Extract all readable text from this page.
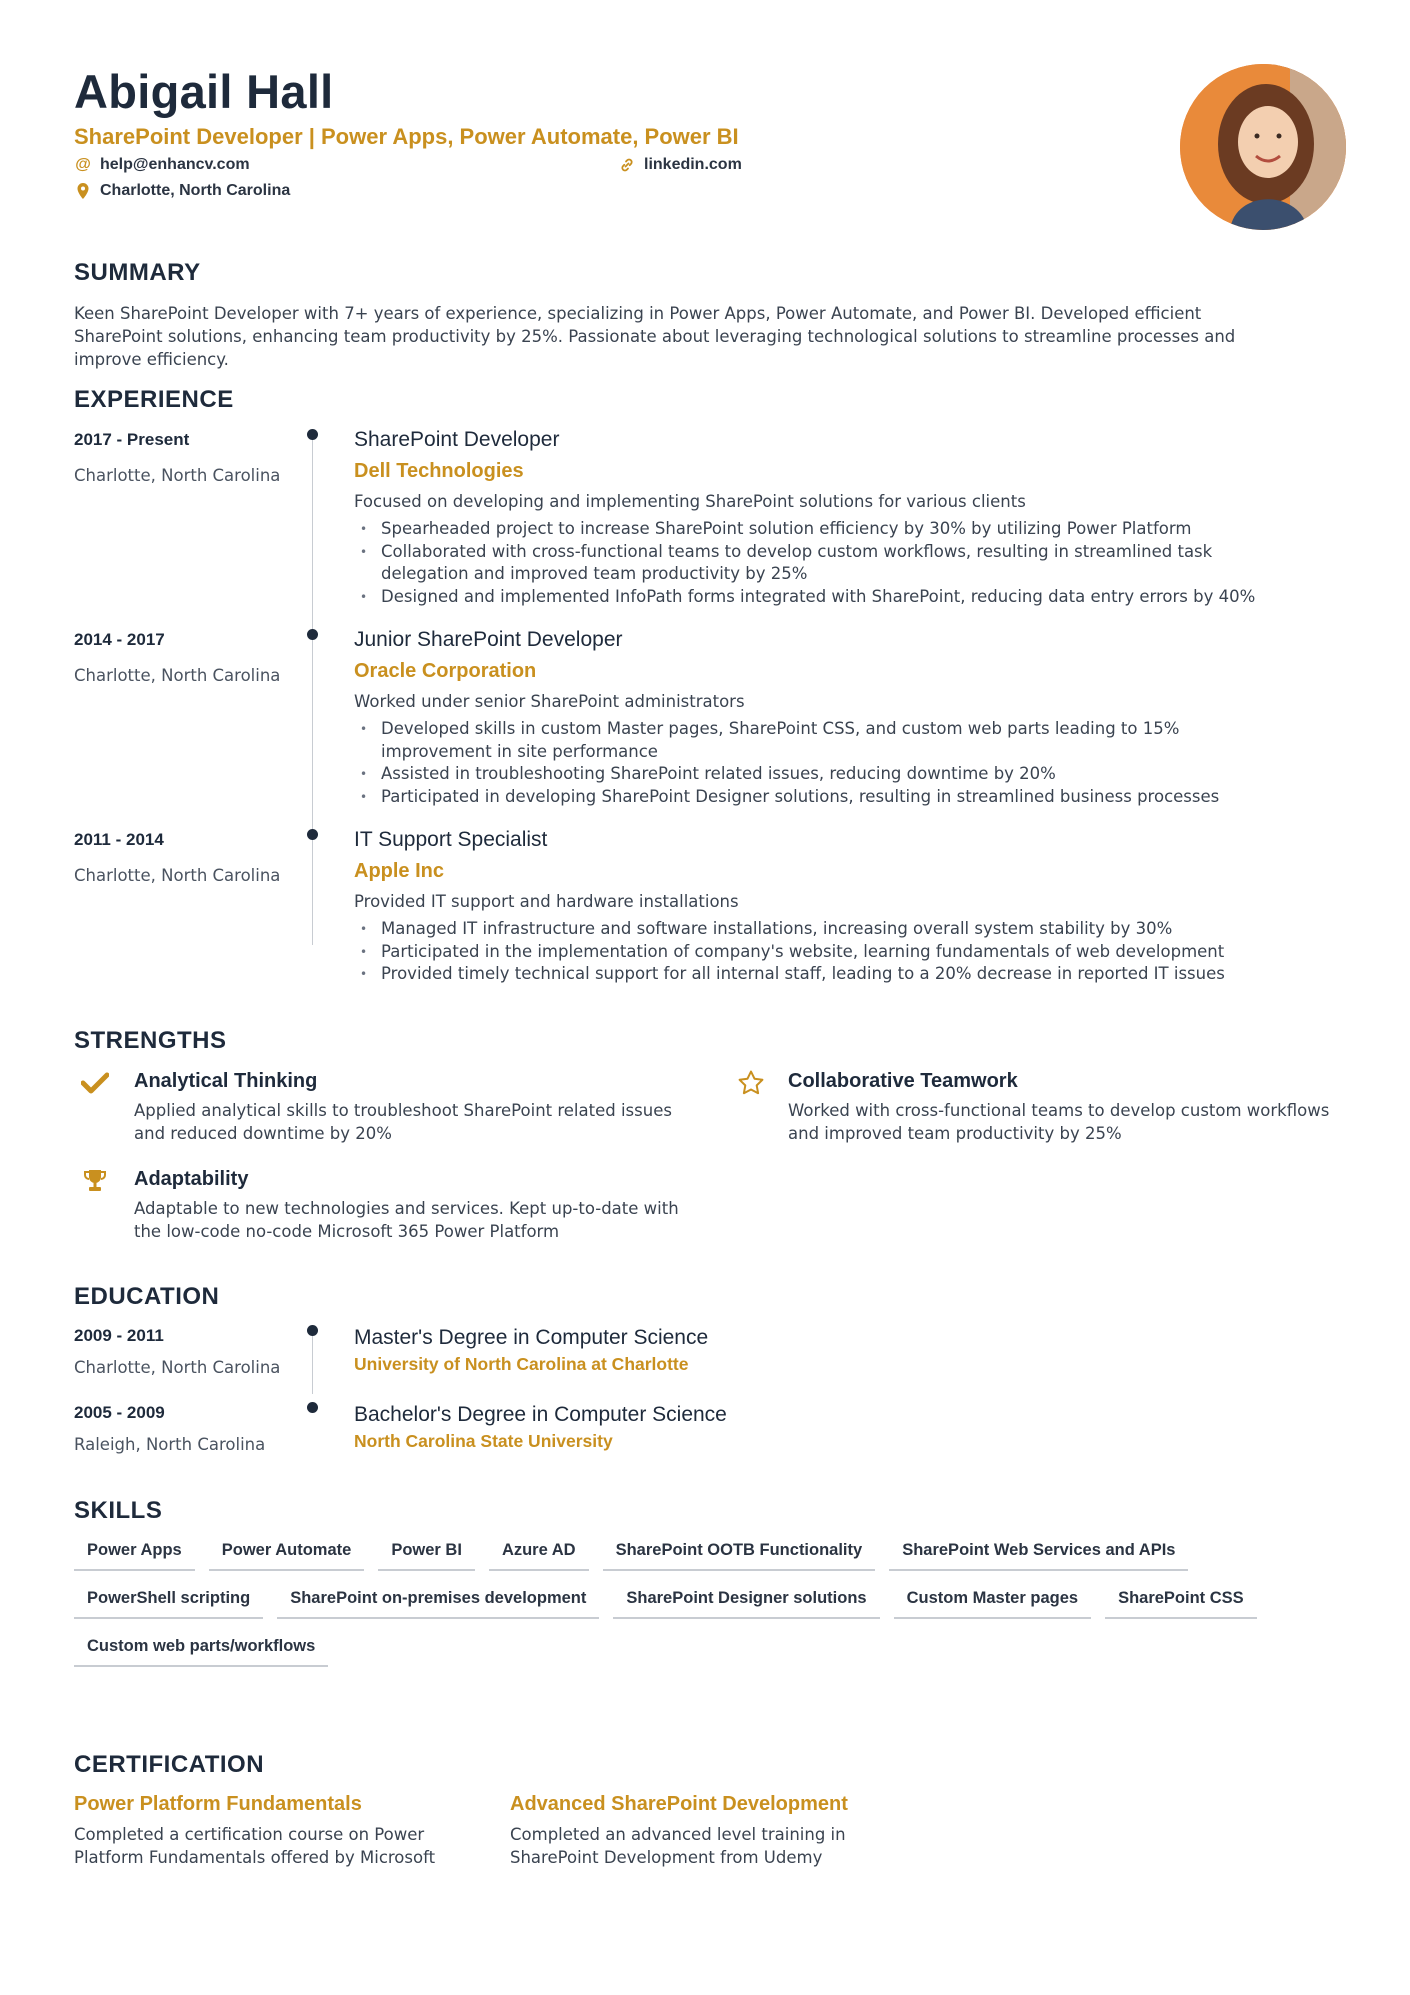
Abigail Hall
SharePoint Developer | Power Apps, Power Automate, Power BI
@ help@enhancv.com	linkedin.com
Charlotte, North Carolina
SUMMARY
Keen SharePoint Developer with 7+ years of experience, specializing in Power Apps, Power Automate, and Power BI. Developed efficient SharePoint solutions, enhancing team productivity by 25%. Passionate about leveraging technological solutions to streamline processes and improve efficiency.
EXPERIENCE
2017 - Present
Charlotte, North Carolina
SharePoint Developer
Dell Technologies
Focused on developing and implementing SharePoint solutions for various clients
• Spearheaded project to increase SharePoint solution efficiency by 30% by utilizing Power Platform
• Collaborated with cross-functional teams to develop custom workflows, resulting in streamlined task delegation and improved team productivity by 25%
• Designed and implemented InfoPath forms integrated with SharePoint, reducing data entry errors by 40%
2014 - 2017
Charlotte, North Carolina
Junior SharePoint Developer
Oracle Corporation
Worked under senior SharePoint administrators
• Developed skills in custom Master pages, SharePoint CSS, and custom web parts leading to 15% improvement in site performance
• Assisted in troubleshooting SharePoint related issues, reducing downtime by 20%
• Participated in developing SharePoint Designer solutions, resulting in streamlined business processes
2011 - 2014
Charlotte, North Carolina
IT Support Specialist
Apple Inc
Provided IT support and hardware installations
• Managed IT infrastructure and software installations, increasing overall system stability by 30%
• Participated in the implementation of company's website, learning fundamentals of web development
• Provided timely technical support for all internal staff, leading to a 20% decrease in reported IT issues
STRENGTHS
Analytical Thinking
Applied analytical skills to troubleshoot SharePoint related issues and reduced downtime by 20%
Collaborative Teamwork
Worked with cross-functional teams to develop custom workflows and improved team productivity by 25%
Adaptability
Adaptable to new technologies and services. Kept up-to-date with the low-code no-code Microsoft 365 Power Platform
EDUCATION
2009 - 2011
Charlotte, North Carolina
Master's Degree in Computer Science
University of North Carolina at Charlotte
2005 - 2009
Raleigh, North Carolina
Bachelor's Degree in Computer Science
North Carolina State University
SKILLS
Power Apps	Power Automate	Power BI	Azure AD	SharePoint OOTB Functionality	SharePoint Web Services and APIs
PowerShell scripting	SharePoint on-premises development	SharePoint Designer solutions	Custom Master pages	SharePoint CSS
Custom web parts/workflows
CERTIFICATION
Power Platform Fundamentals
Completed a certification course on Power Platform Fundamentals offered by Microsoft
Advanced SharePoint Development
Completed an advanced level training in SharePoint Development from Udemy
